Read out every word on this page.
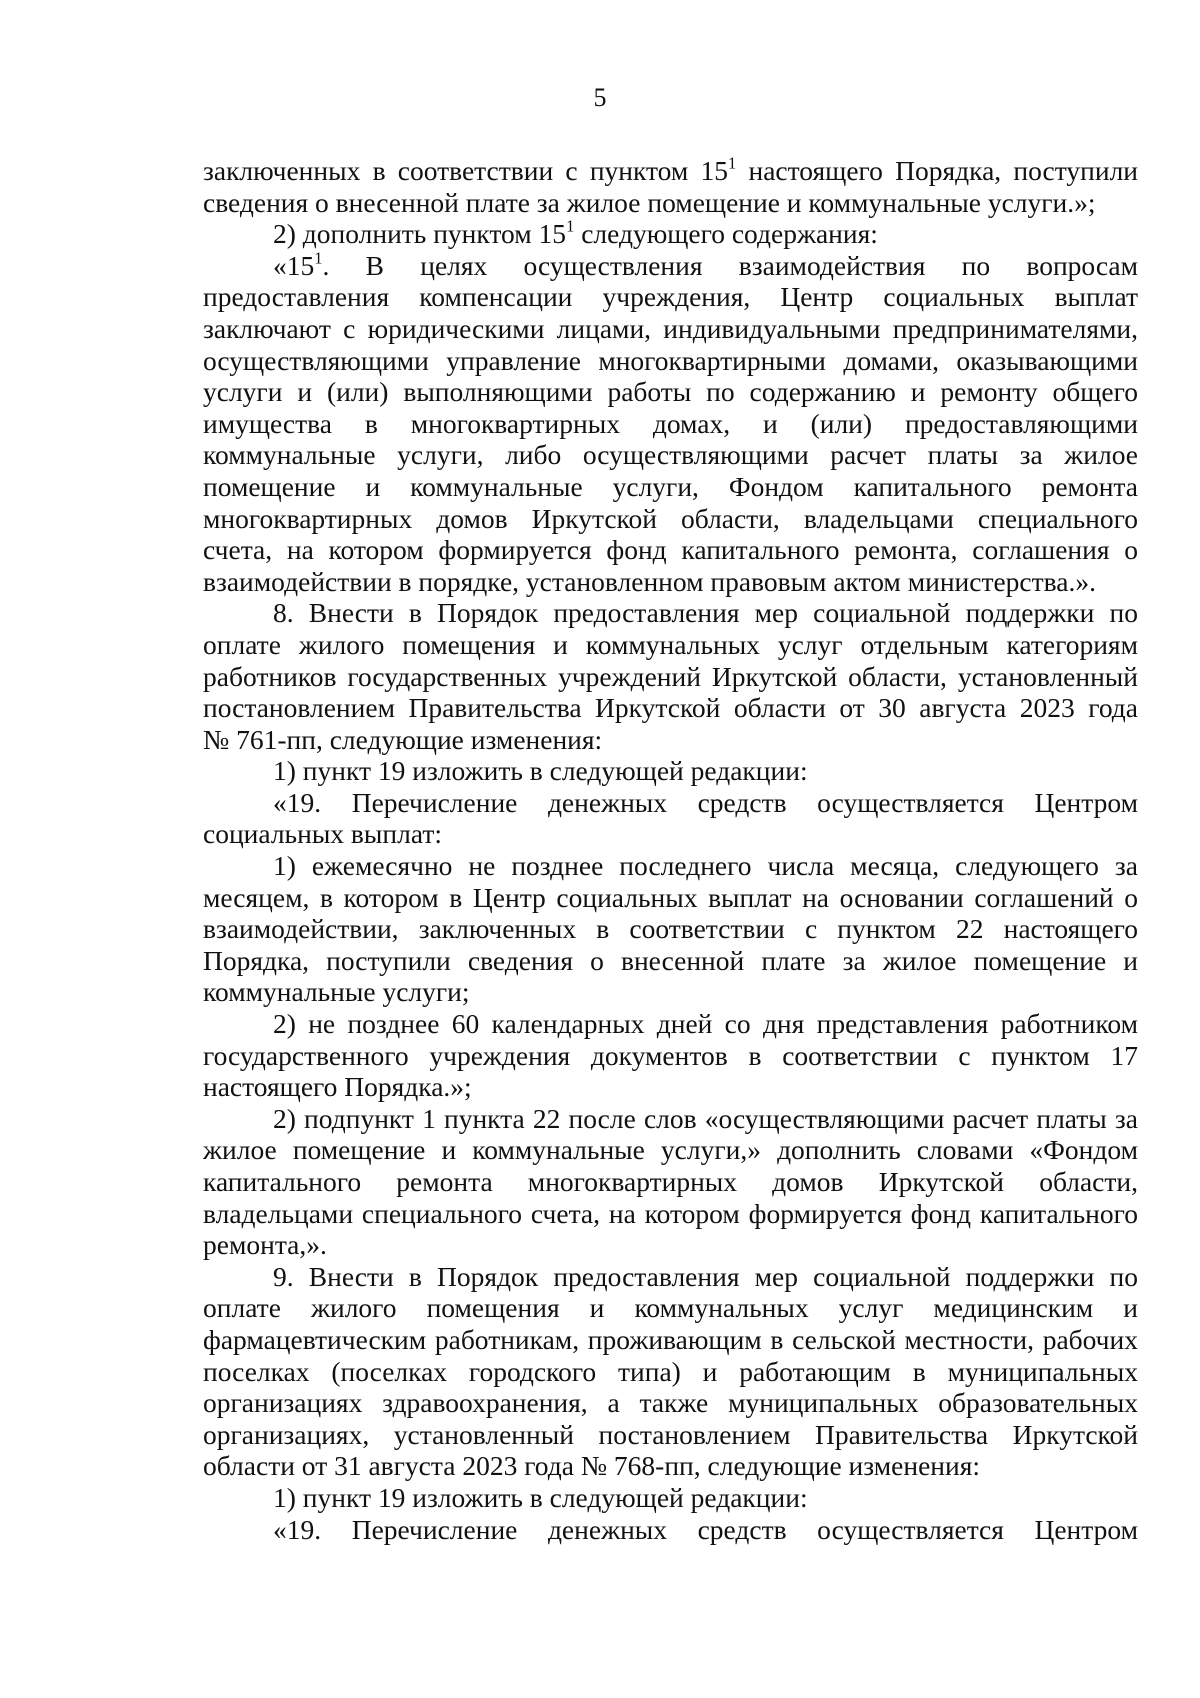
5
заключенных в соответствии с пунктом $15^1$ настоящего Порядка, поступили
сведения о внесенной плате за жилое помещение и коммунальные услуги.»;
2) дополнить пунктом $15^1$ следующего содержания:
«$15^1$. В целях осуществления взаимодействия по вопросам
предоставления компенсации учреждения, Центр социальных выплат
заключают с юридическими лицами, индивидуальными предпринимателями,
осуществляющими управление многоквартирными домами, оказывающими
услуги и (или) выполняющими работы по содержанию и ремонту общего
имущества в многоквартирных домах, и (или) предоставляющими
коммунальные услуги, либо осуществляющими расчет платы за жилое
помещение и коммунальные услуги, Фондом капитального ремонта
многоквартирных домов Иркутской области, владельцами специального
счета, на котором формируется фонд капитального ремонта, соглашения о
взаимодействии в порядке, установленном правовым актом министерства.».
8. Внести в Порядок предоставления мер социальной поддержки по
оплате жилого помещения и коммунальных услуг отдельным категориям
работников государственных учреждений Иркутской области, установленный
постановлением Правительства Иркутской области от 30 августа 2023 года
№ 761-пп, следующие изменения:
1) пункт 19 изложить в следующей редакции:
«19. Перечисление денежных средств осуществляется Центром
социальных выплат:
1) ежемесячно не позднее последнего числа месяца, следующего за
месяцем, в котором в Центр социальных выплат на основании соглашений о
взаимодействии, заключенных в соответствии с пунктом 22 настоящего
Порядка, поступили сведения о внесенной плате за жилое помещение и
коммунальные услуги;
2) не позднее 60 календарных дней со дня представления работником
государственного учреждения документов в соответствии с пунктом 17
настоящего Порядка.»;
2) подпункт 1 пункта 22 после слов «осуществляющими расчет платы за
жилое помещение и коммунальные услуги,» дополнить словами «Фондом
капитального ремонта многоквартирных домов Иркутской области,
владельцами специального счета, на котором формируется фонд капитального
ремонта,».
9. Внести в Порядок предоставления мер социальной поддержки по
оплате жилого помещения и коммунальных услуг медицинским и
фармацевтическим работникам, проживающим в сельской местности, рабочих
поселках (поселках городского типа) и работающим в муниципальных
организациях здравоохранения, а также муниципальных образовательных
организациях, установленный постановлением Правительства Иркутской
области от 31 августа 2023 года № 768-пп, следующие изменения:
1) пункт 19 изложить в следующей редакции:
«19. Перечисление денежных средств осуществляется Центром
